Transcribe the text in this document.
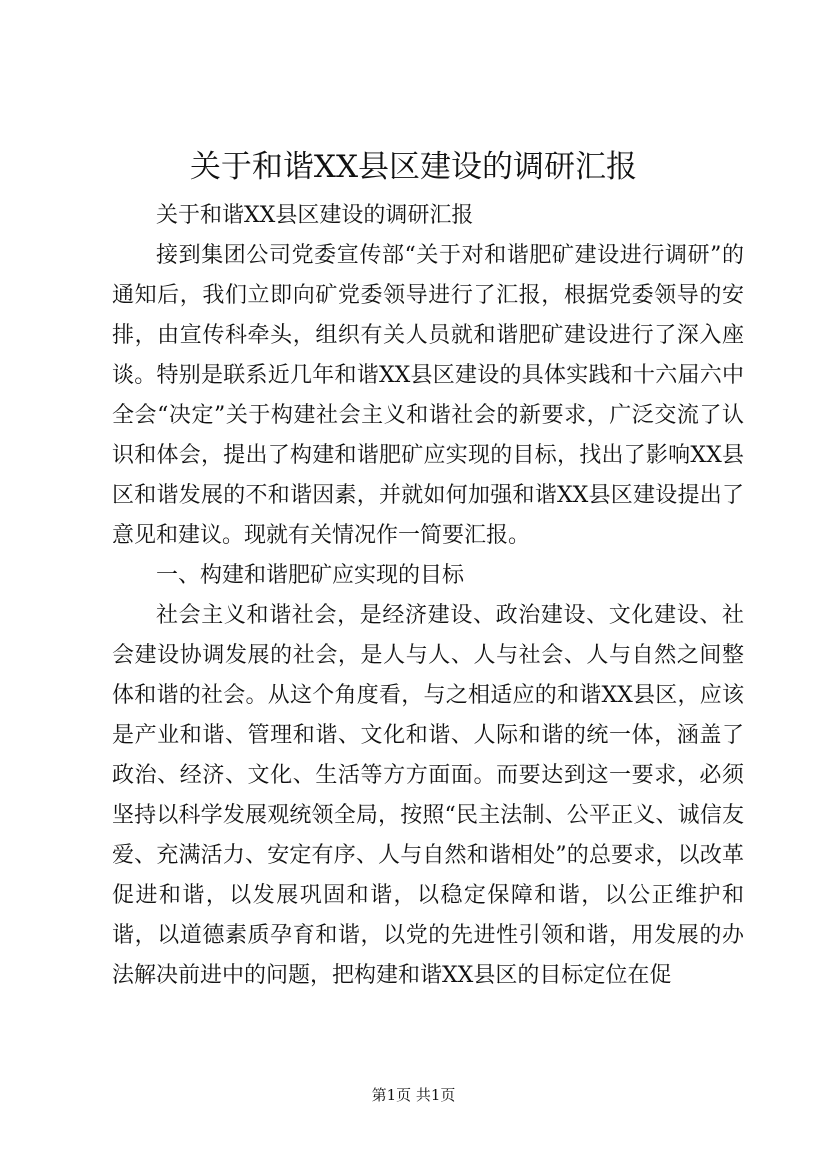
关于和谐XX县区建设的调研汇报

关于和谐XX县区建设的调研汇报

接到集团公司党委宣传部“关于对和谐肥矿建设进行调研”的通知后，我们立即向矿党委领导进行了汇报，根据党委领导的安排，由宣传科牵头，组织有关人员就和谐肥矿建设进行了深入座谈。特别是联系近几年和谐XX县区建设的具体实践和十六届六中全会“决定”关于构建社会主义和谐社会的新要求，广泛交流了认识和体会，提出了构建和谐肥矿应实现的目标，找出了影响XX县区和谐发展的不和谐因素，并就如何加强和谐XX县区建设提出了意见和建议。现就有关情况作一简要汇报。

一、构建和谐肥矿应实现的目标

社会主义和谐社会，是经济建设、政治建设、文化建设、社会建设协调发展的社会，是人与人、人与社会、人与自然之间整体和谐的社会。从这个角度看，与之相适应的和谐XX县区，应该是产业和谐、管理和谐、文化和谐、人际和谐的统一体，涵盖了政治、经济、文化、生活等方方面面。而要达到这一要求，必须坚持以科学发展观统领全局，按照“民主法制、公平正义、诚信友爱、充满活力、安定有序、人与自然和谐相处”的总要求，以改革促进和谐，以发展巩固和谐，以稳定保障和谐，以公正维护和谐，以道德素质孕育和谐，以党的先进性引领和谐，用发展的办法解决前进中的问题，把构建和谐XX县区的目标定位在促

第1页 共1页
